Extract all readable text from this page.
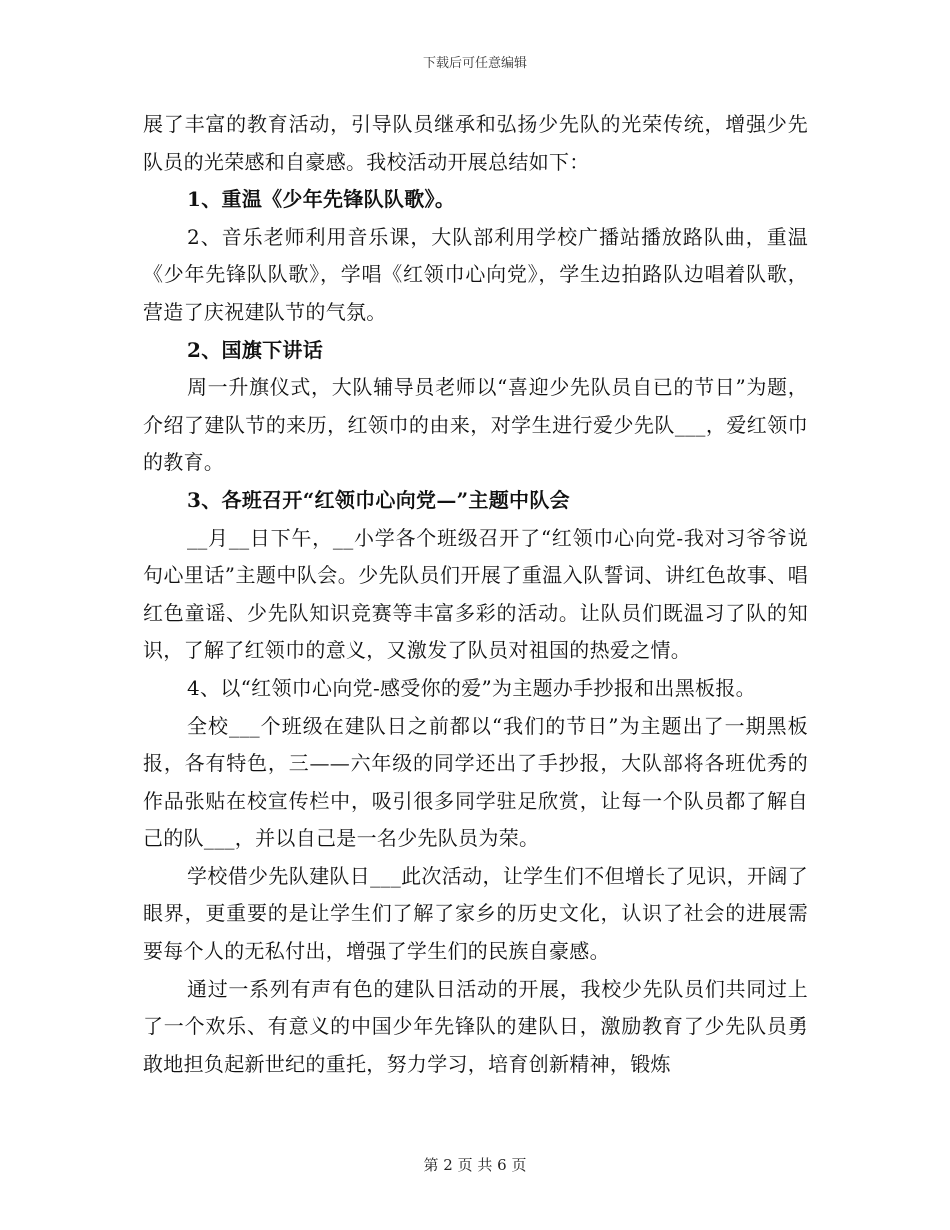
下载后可任意编辑

展了丰富的教育活动，引导队员继承和弘扬少先队的光荣传统，增强少先队员的光荣感和自豪感。我校活动开展总结如下：

1、重温《少年先锋队队歌》。

2、音乐老师利用音乐课，大队部利用学校广播站播放路队曲，重温《少年先锋队队歌》，学唱《红领巾心向党》，学生边拍路队边唱着队歌，营造了庆祝建队节的气氛。

2、国旗下讲话

周一升旗仪式，大队辅导员老师以“喜迎少先队员自已的节日”为题，介绍了建队节的来历，红领巾的由来，对学生进行爱少先队___，爱红领巾的教育。

3、各班召开“红领巾心向党—”主题中队会

__月__日下午，__小学各个班级召开了“红领巾心向党-我对习爷爷说句心里话”主题中队会。少先队员们开展了重温入队誓词、讲红色故事、唱红色童谣、少先队知识竞赛等丰富多彩的活动。让队员们既温习了队的知识，了解了红领巾的意义，又激发了队员对祖国的热爱之情。

4、以“红领巾心向党-感受你的爱”为主题办手抄报和出黑板报。

全校___个班级在建队日之前都以“我们的节日”为主题出了一期黑板报，各有特色，三——六年级的同学还出了手抄报，大队部将各班优秀的作品张贴在校宣传栏中，吸引很多同学驻足欣赏，让每一个队员都了解自己的队___，并以自己是一名少先队员为荣。

学校借少先队建队日___此次活动，让学生们不但增长了见识，开阔了眼界，更重要的是让学生们了解了家乡的历史文化，认识了社会的进展需要每个人的无私付出，增强了学生们的民族自豪感。

通过一系列有声有色的建队日活动的开展，我校少先队员们共同过上了一个欢乐、有意义的中国少年先锋队的建队日，激励教育了少先队员勇敢地担负起新世纪的重托，努力学习，培育创新精神，锻炼

第 2 页 共 6 页
